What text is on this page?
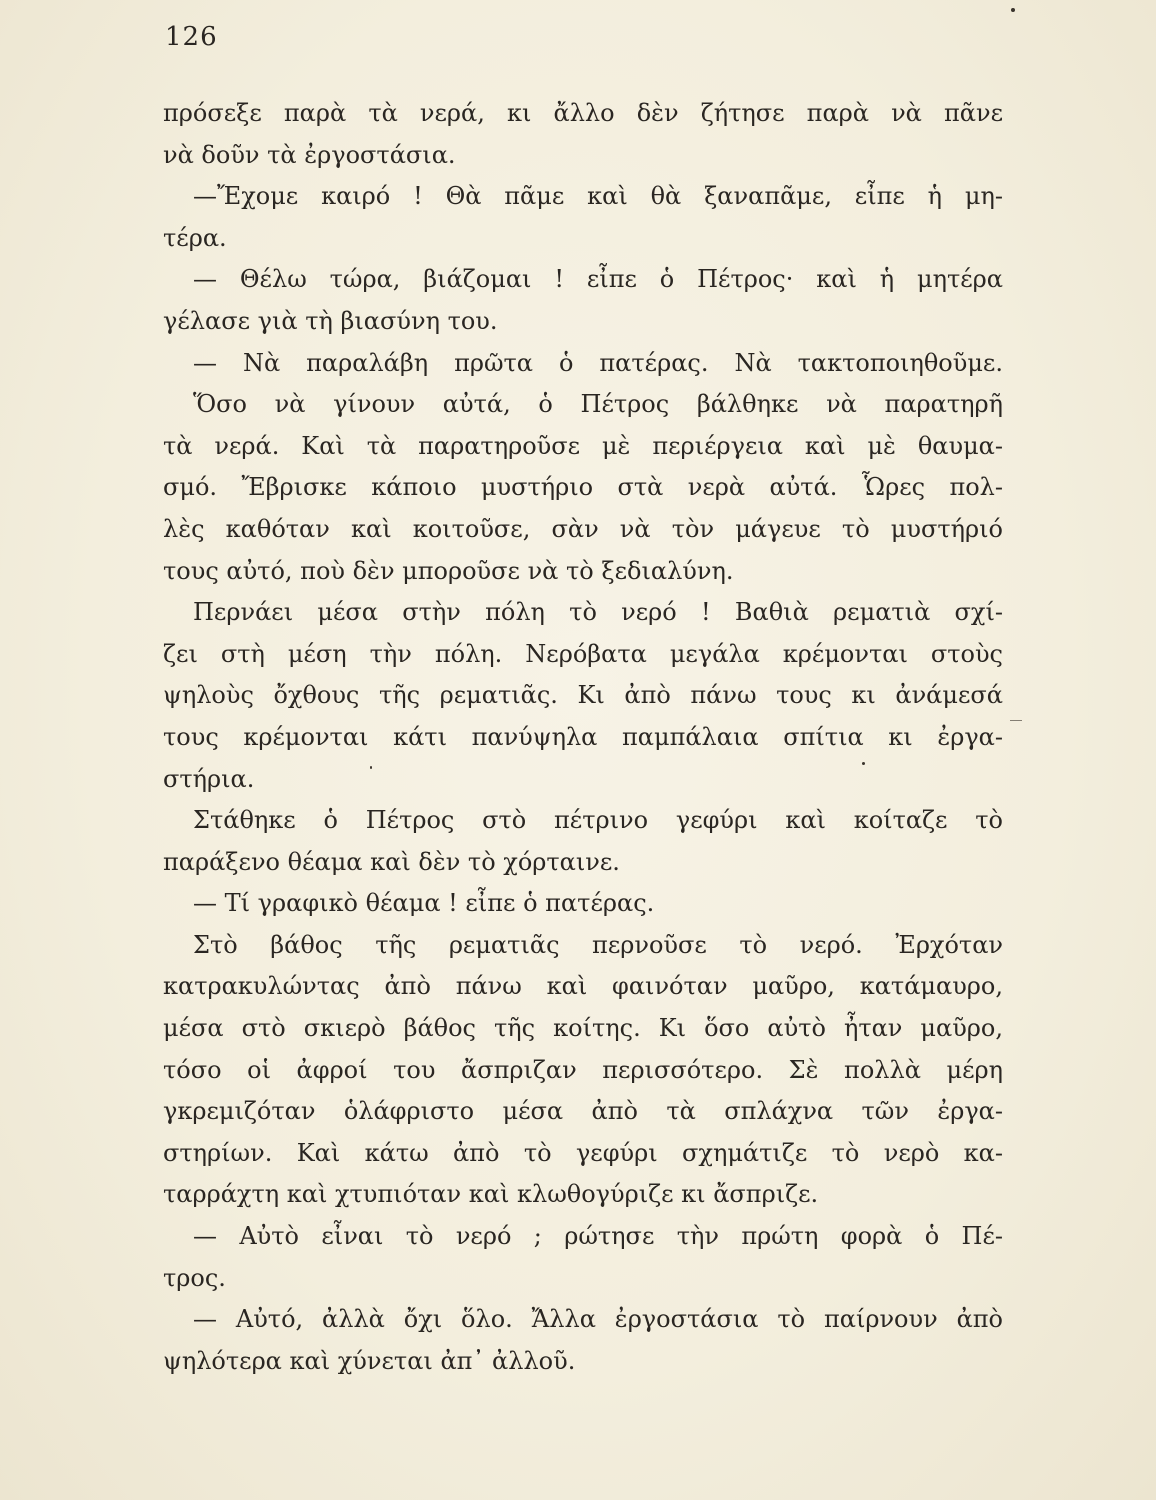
126
πρόσεξε παρὰ τὰ νερά, κι ἄλλο δὲν ζήτησε παρὰ νὰ πᾶνε
νὰ δοῦν τὰ ἐργοστάσια.
—Ἔχομε καιρό ! Θὰ πᾶμε καὶ θὰ ξαναπᾶμε, εἶπε ἡ μη-
τέρα.
— Θέλω τώρα, βιάζομαι ! εἶπε ὁ Πέτρος· καὶ ἡ μητέρα
γέλασε γιὰ τὴ βιασύνη του.
— Νὰ παραλάβη πρῶτα ὁ πατέρας. Νὰ τακτοποιηθοῦμε.
Ὅσο νὰ γίνουν αὐτά, ὁ Πέτρος βάλθηκε νὰ παρατηρῆ
τὰ νερά. Καὶ τὰ παρατηροῦσε μὲ περιέργεια καὶ μὲ θαυμα-
σμό. Ἔβρισκε κάποιο μυστήριο στὰ νερὰ αὐτά. Ὧρες πολ-
λὲς καθόταν καὶ κοιτοῦσε, σὰν νὰ τὸν μάγευε τὸ μυστήριό
τους αὐτό, ποὺ δὲν μποροῦσε νὰ τὸ ξεδιαλύνη.
Περνάει μέσα στὴν πόλη τὸ νερό ! Βαθιὰ ρεματιὰ σχί-
ζει στὴ μέση τὴν πόλη. Νερόβατα μεγάλα κρέμονται στοὺς
ψηλοὺς ὄχθους τῆς ρεματιᾶς. Κι ἀπὸ πάνω τους κι ἀνάμεσά
τους κρέμονται κάτι πανύψηλα παμπάλαια σπίτια κι ἐργα-
στήρια.
Στάθηκε ὁ Πέτρος στὸ πέτρινο γεφύρι καὶ κοίταζε τὸ
παράξενο θέαμα καὶ δὲν τὸ χόρταινε.
— Τί γραφικὸ θέαμα ! εἶπε ὁ πατέρας.
Στὸ βάθος τῆς ρεματιᾶς περνοῦσε τὸ νερό. Ἐρχόταν
κατρακυλώντας ἀπὸ πάνω καὶ φαινόταν μαῦρο, κατάμαυρο,
μέσα στὸ σκιερὸ βάθος τῆς κοίτης. Κι ὅσο αὐτὸ ἦταν μαῦρο,
τόσο οἱ ἀφροί του ἄσπριζαν περισσότερο. Σὲ πολλὰ μέρη
γκρεμιζόταν ὁλάφριστο μέσα ἀπὸ τὰ σπλάχνα τῶν ἐργα-
στηρίων. Καὶ κάτω ἀπὸ τὸ γεφύρι σχημάτιζε τὸ νερὸ κα-
ταρράχτη καὶ χτυπιόταν καὶ κλωθογύριζε κι ἄσπριζε.
— Αὐτὸ εἶναι τὸ νερό ; ρώτησε τὴν πρώτη φορὰ ὁ Πέ-
τρος.
— Αὐτό, ἀλλὰ ὄχι ὅλο. Ἄλλα ἐργοστάσια τὸ παίρνουν ἀπὸ
ψηλότερα καὶ χύνεται ἀπ᾽ ἀλλοῦ.
